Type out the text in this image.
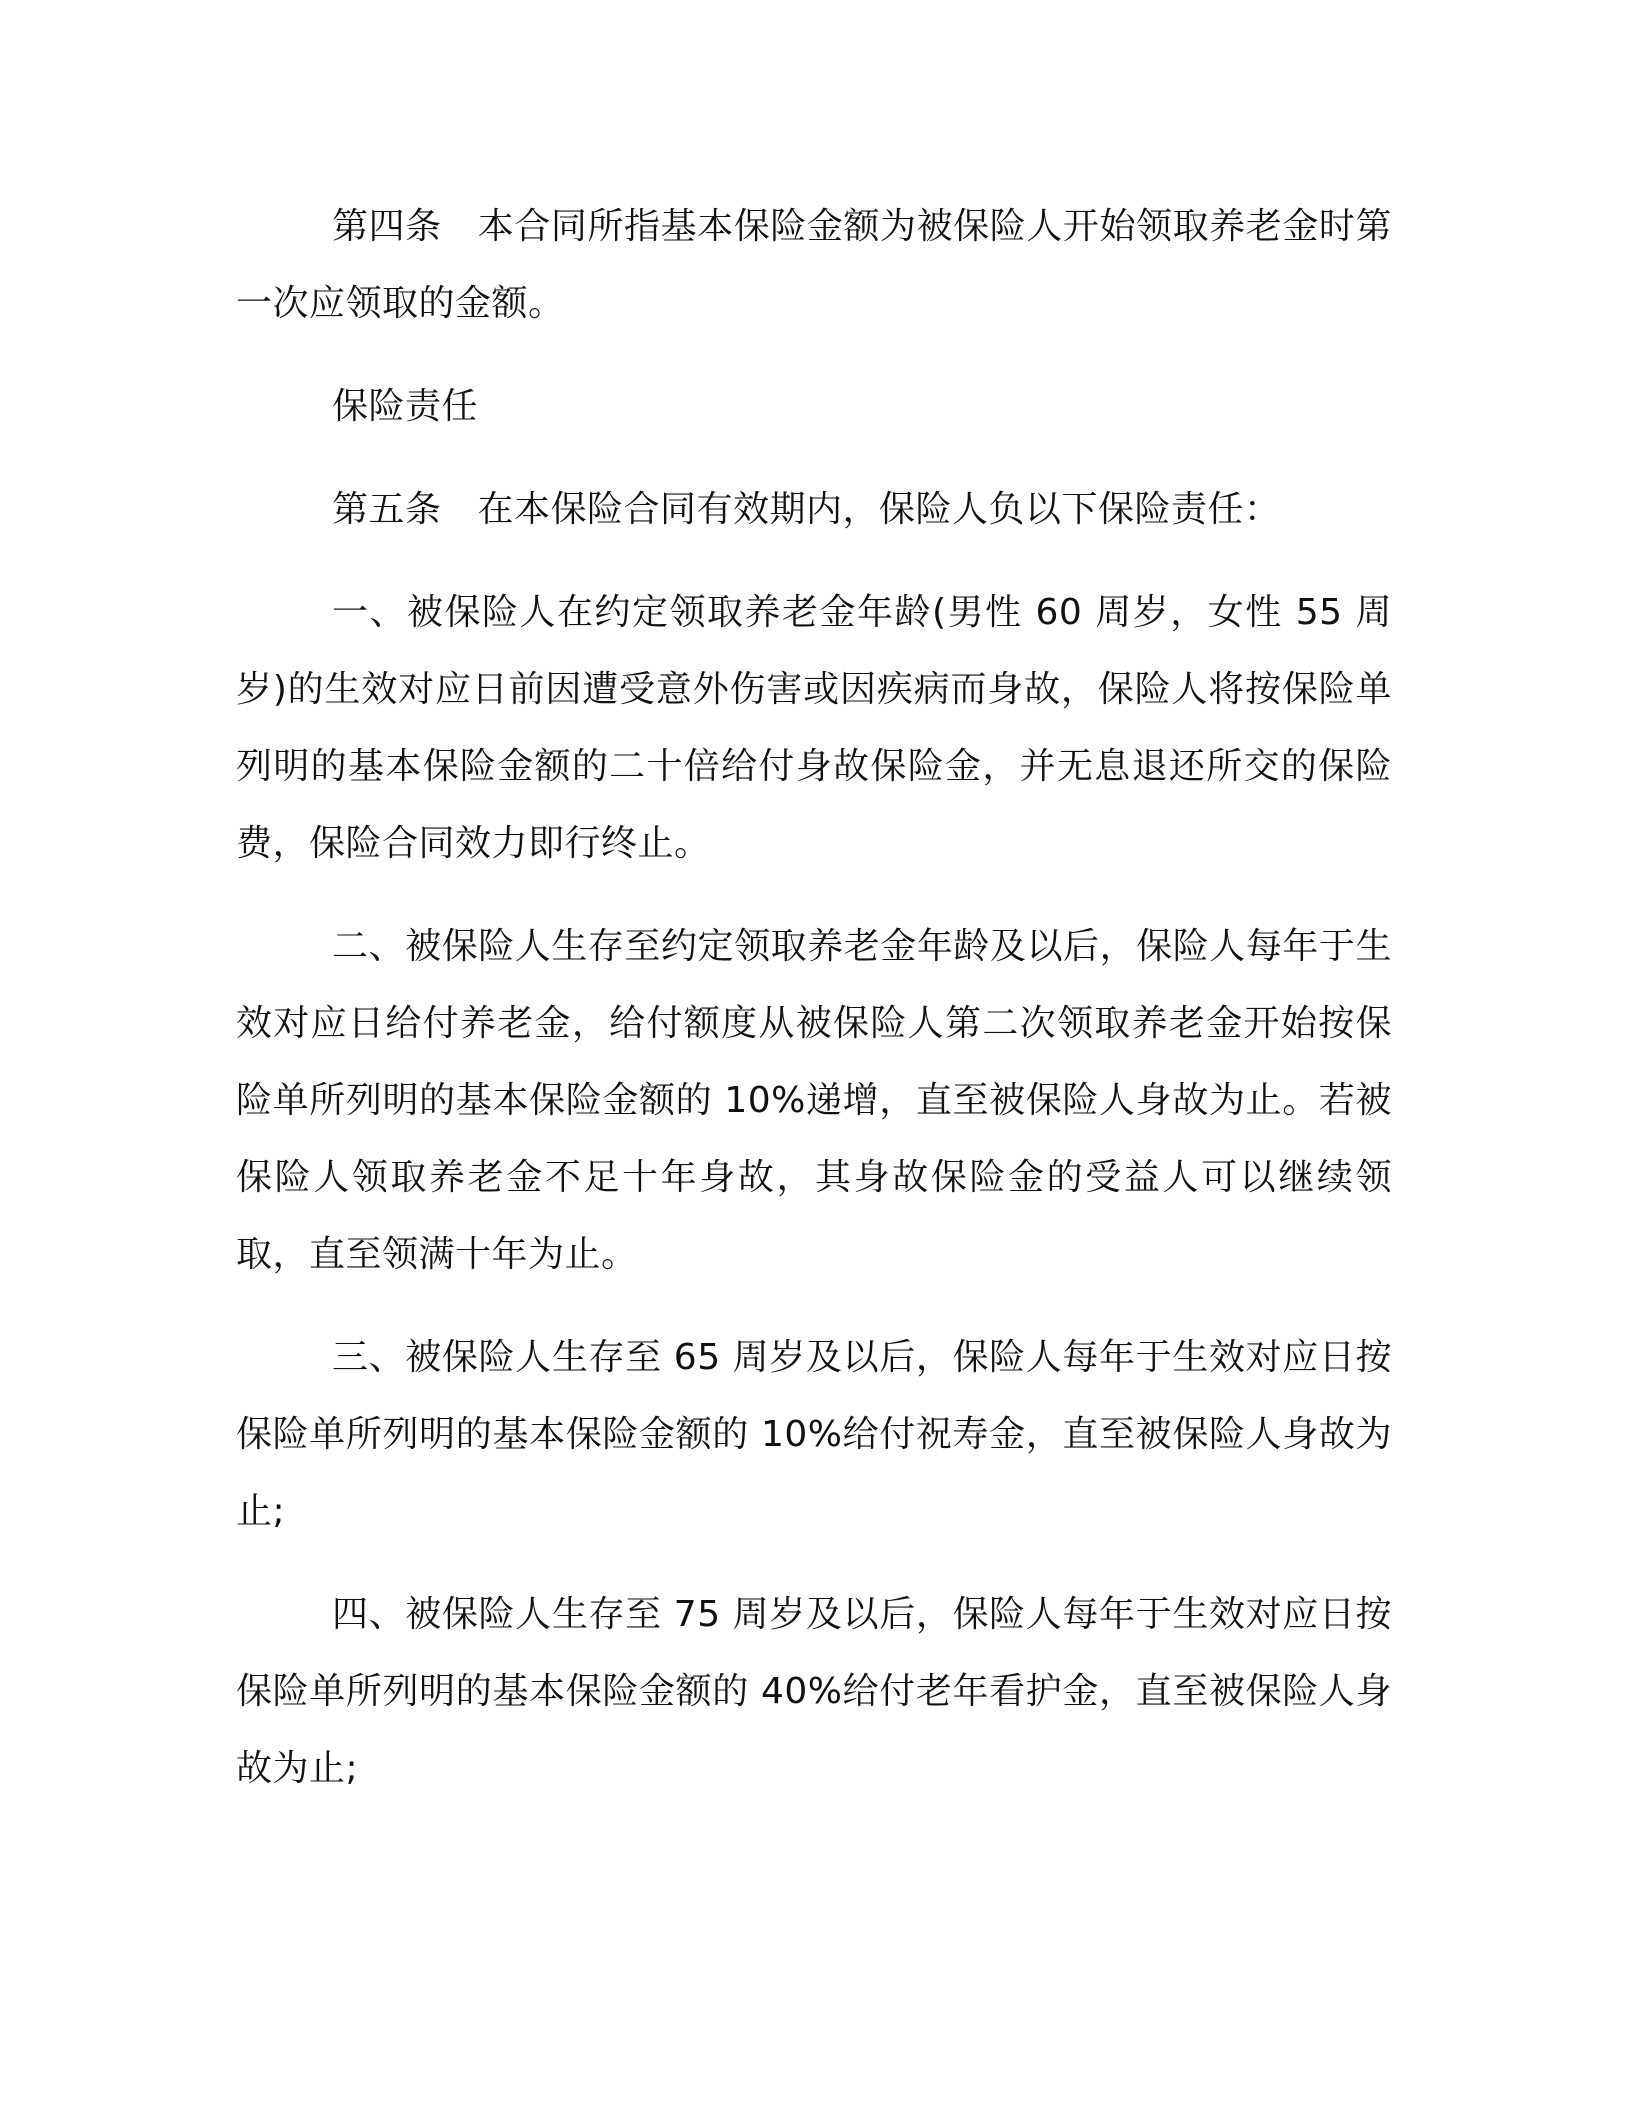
第四条 本合同所指基本保险金额为被保险人开始领取养老金时第一次应领取的金额。

保险责任

第五条 在本保险合同有效期内，保险人负以下保险责任：

一、被保险人在约定领取养老金年龄(男性 60 周岁，女性 55 周岁)的生效对应日前因遭受意外伤害或因疾病而身故，保险人将按保险单列明的基本保险金额的二十倍给付身故保险金，并无息退还所交的保险费，保险合同效力即行终止。

二、被保险人生存至约定领取养老金年龄及以后，保险人每年于生效对应日给付养老金，给付额度从被保险人第二次领取养老金开始按保险单所列明的基本保险金额的 10%递增，直至被保险人身故为止。若被保险人领取养老金不足十年身故，其身故保险金的受益人可以继续领取，直至领满十年为止。

三、被保险人生存至 65 周岁及以后，保险人每年于生效对应日按保险单所列明的基本保险金额的 10%给付祝寿金，直至被保险人身故为止;

四、被保险人生存至 75 周岁及以后，保险人每年于生效对应日按保险单所列明的基本保险金额的 40%给付老年看护金，直至被保险人身故为止;
